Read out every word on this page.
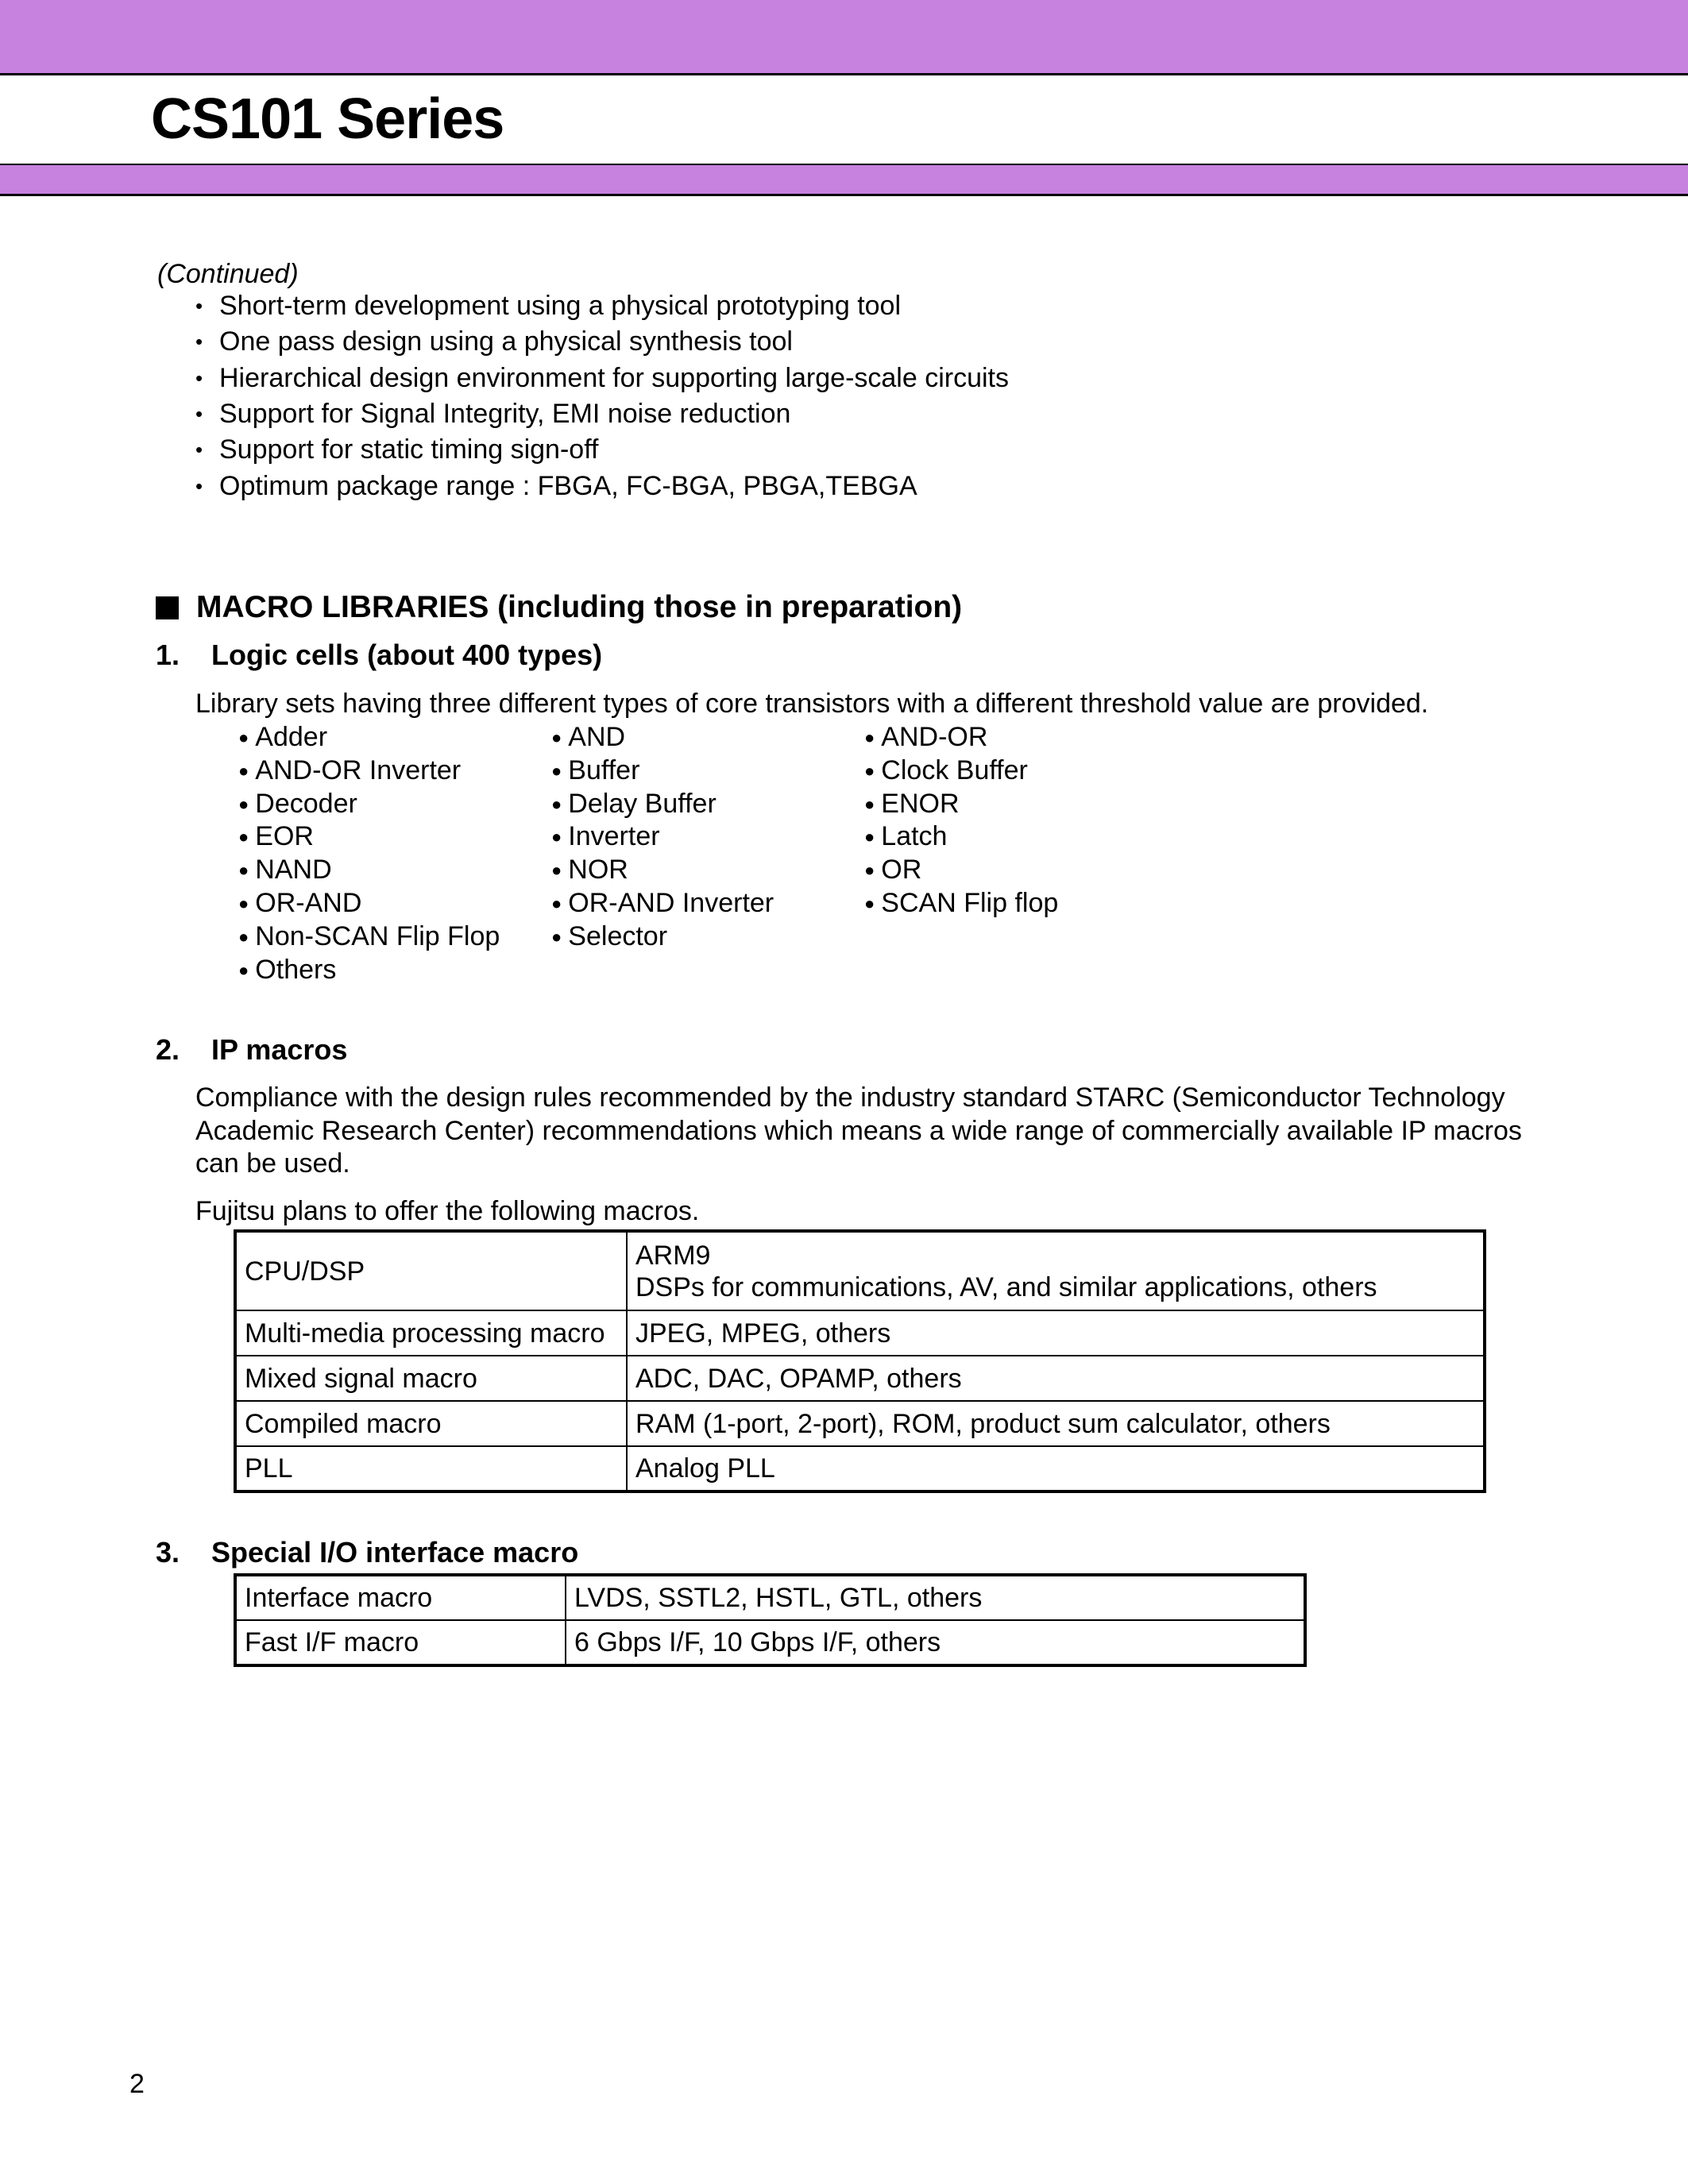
CS101 Series
(Continued)
• Short-term development using a physical prototyping tool
• One pass design using a physical synthesis tool
• Hierarchical design environment for supporting large-scale circuits
• Support for Signal Integrity, EMI noise reduction
• Support for static timing sign-off
• Optimum package range : FBGA, FC-BGA, PBGA,TEBGA
MACRO LIBRARIES (including those in preparation)
1.	Logic cells (about 400 types)
Library sets having three different types of core transistors with a different threshold value are provided.
● Adder	● AND	● AND-OR
● AND-OR Inverter	● Buffer	● Clock Buffer
● Decoder	● Delay Buffer	● ENOR
● EOR	● Inverter	● Latch
● NAND	● NOR	● OR
● OR-AND	● OR-AND Inverter	● SCAN Flip flop
● Non-SCAN Flip Flop	● Selector
● Others
2.	IP macros
Compliance with the design rules recommended by the industry standard STARC (Semiconductor Technology Academic Research Center) recommendations which means a wide range of commercially available IP macros can be used.
Fujitsu plans to offer the following macros.
CPU/DSP	ARM9
DSPs for communications, AV, and similar applications, others

Multi-media processing macro	JPEG, MPEG, others
Mixed signal macro	ADC, DAC, OPAMP, others
Compiled macro	RAM (1-port, 2-port), ROM, product sum calculator, others
PLL	Analog PLL
3.	Special I/O interface macro
Interface macro	LVDS, SSTL2, HSTL, GTL, others
Fast I/F macro	6 Gbps I/F, 10 Gbps I/F, others
2
